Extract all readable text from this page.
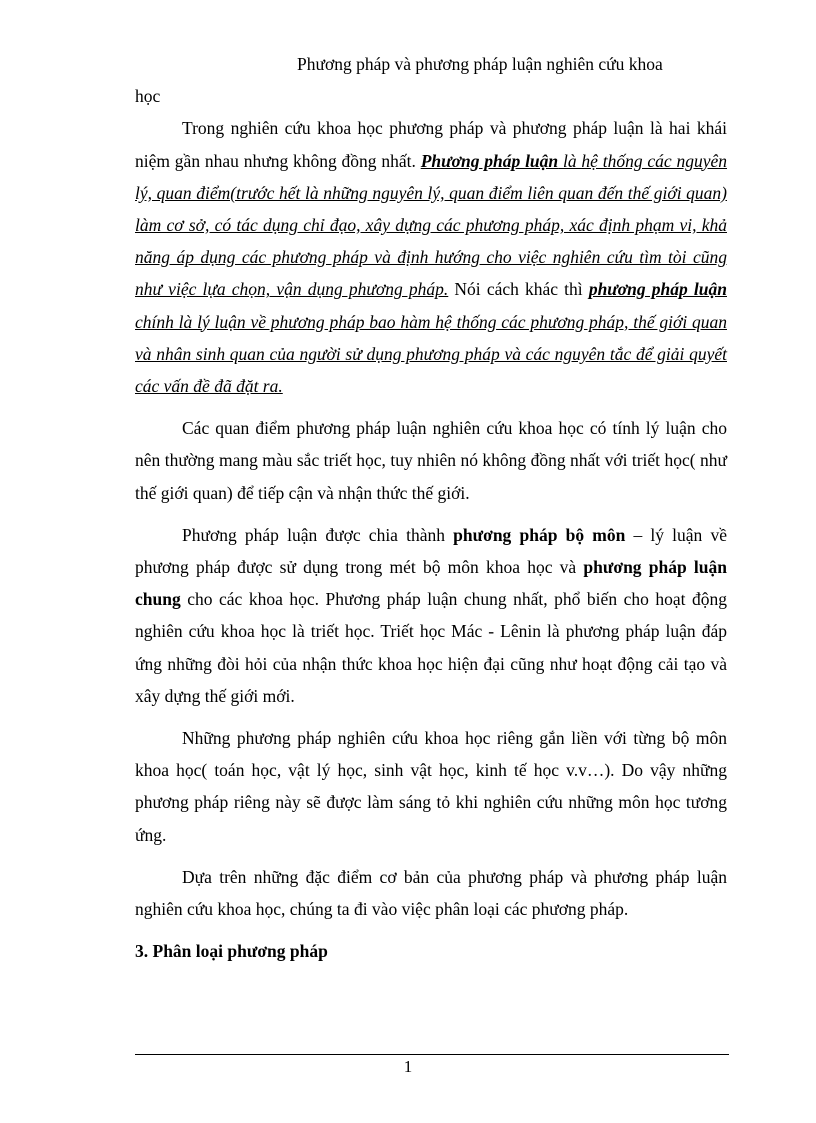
Phương pháp và phương pháp luận nghiên cứu khoa

học

Trong nghiên cứu khoa học phương pháp và phương pháp luận là hai khái niệm gần nhau nhưng không đồng nhất. Phương pháp luận là hệ thống các nguyên lý, quan điểm(trước hết là những nguyên lý, quan điểm liên quan đến thế giới quan) làm cơ sở, có tác dụng chỉ đạo, xây dựng các phương pháp, xác định phạm vi, khả năng áp dụng các phương pháp và định hướng cho việc nghiên cứu tìm tòi cũng như việc lựa chọn, vận dụng phương pháp. Nói cách khác thì phương pháp luận chính là lý luận về phương pháp bao hàm hệ thống các phương pháp, thế giới quan và nhân sinh quan của người sử dụng phương pháp và các nguyên tắc để giải quyết các vấn đề đã đặt ra.

Các quan điểm phương pháp luận nghiên cứu khoa học có tính lý luận cho nên thường mang màu sắc triết học, tuy nhiên nó không đồng nhất với triết học( như thế giới quan) để tiếp cận và nhận thức thế giới.

Phương pháp luận được chia thành phương pháp bộ môn – lý luận về phương pháp được sử dụng trong mét bộ môn khoa học và phương pháp luận chung cho các khoa học. Phương pháp luận chung nhất, phổ biến cho hoạt động nghiên cứu khoa học là triết học. Triết học Mác - Lênin là phương pháp luận đáp ứng những đòi hỏi của nhận thức khoa học hiện đại cũng như hoạt động cải tạo và xây dựng thế giới mới.

Những phương pháp nghiên cứu khoa học riêng gắn liền với từng bộ môn khoa học( toán học, vật lý học, sinh vật học, kinh tế học v.v…). Do vậy những phương pháp riêng này sẽ được làm sáng tỏ khi nghiên cứu những môn học tương ứng.

Dựa trên những đặc điểm cơ bản của phương pháp và phương pháp luận nghiên cứu khoa học, chúng ta đi vào việc phân loại các phương pháp.

3. Phân loại phương pháp

1
